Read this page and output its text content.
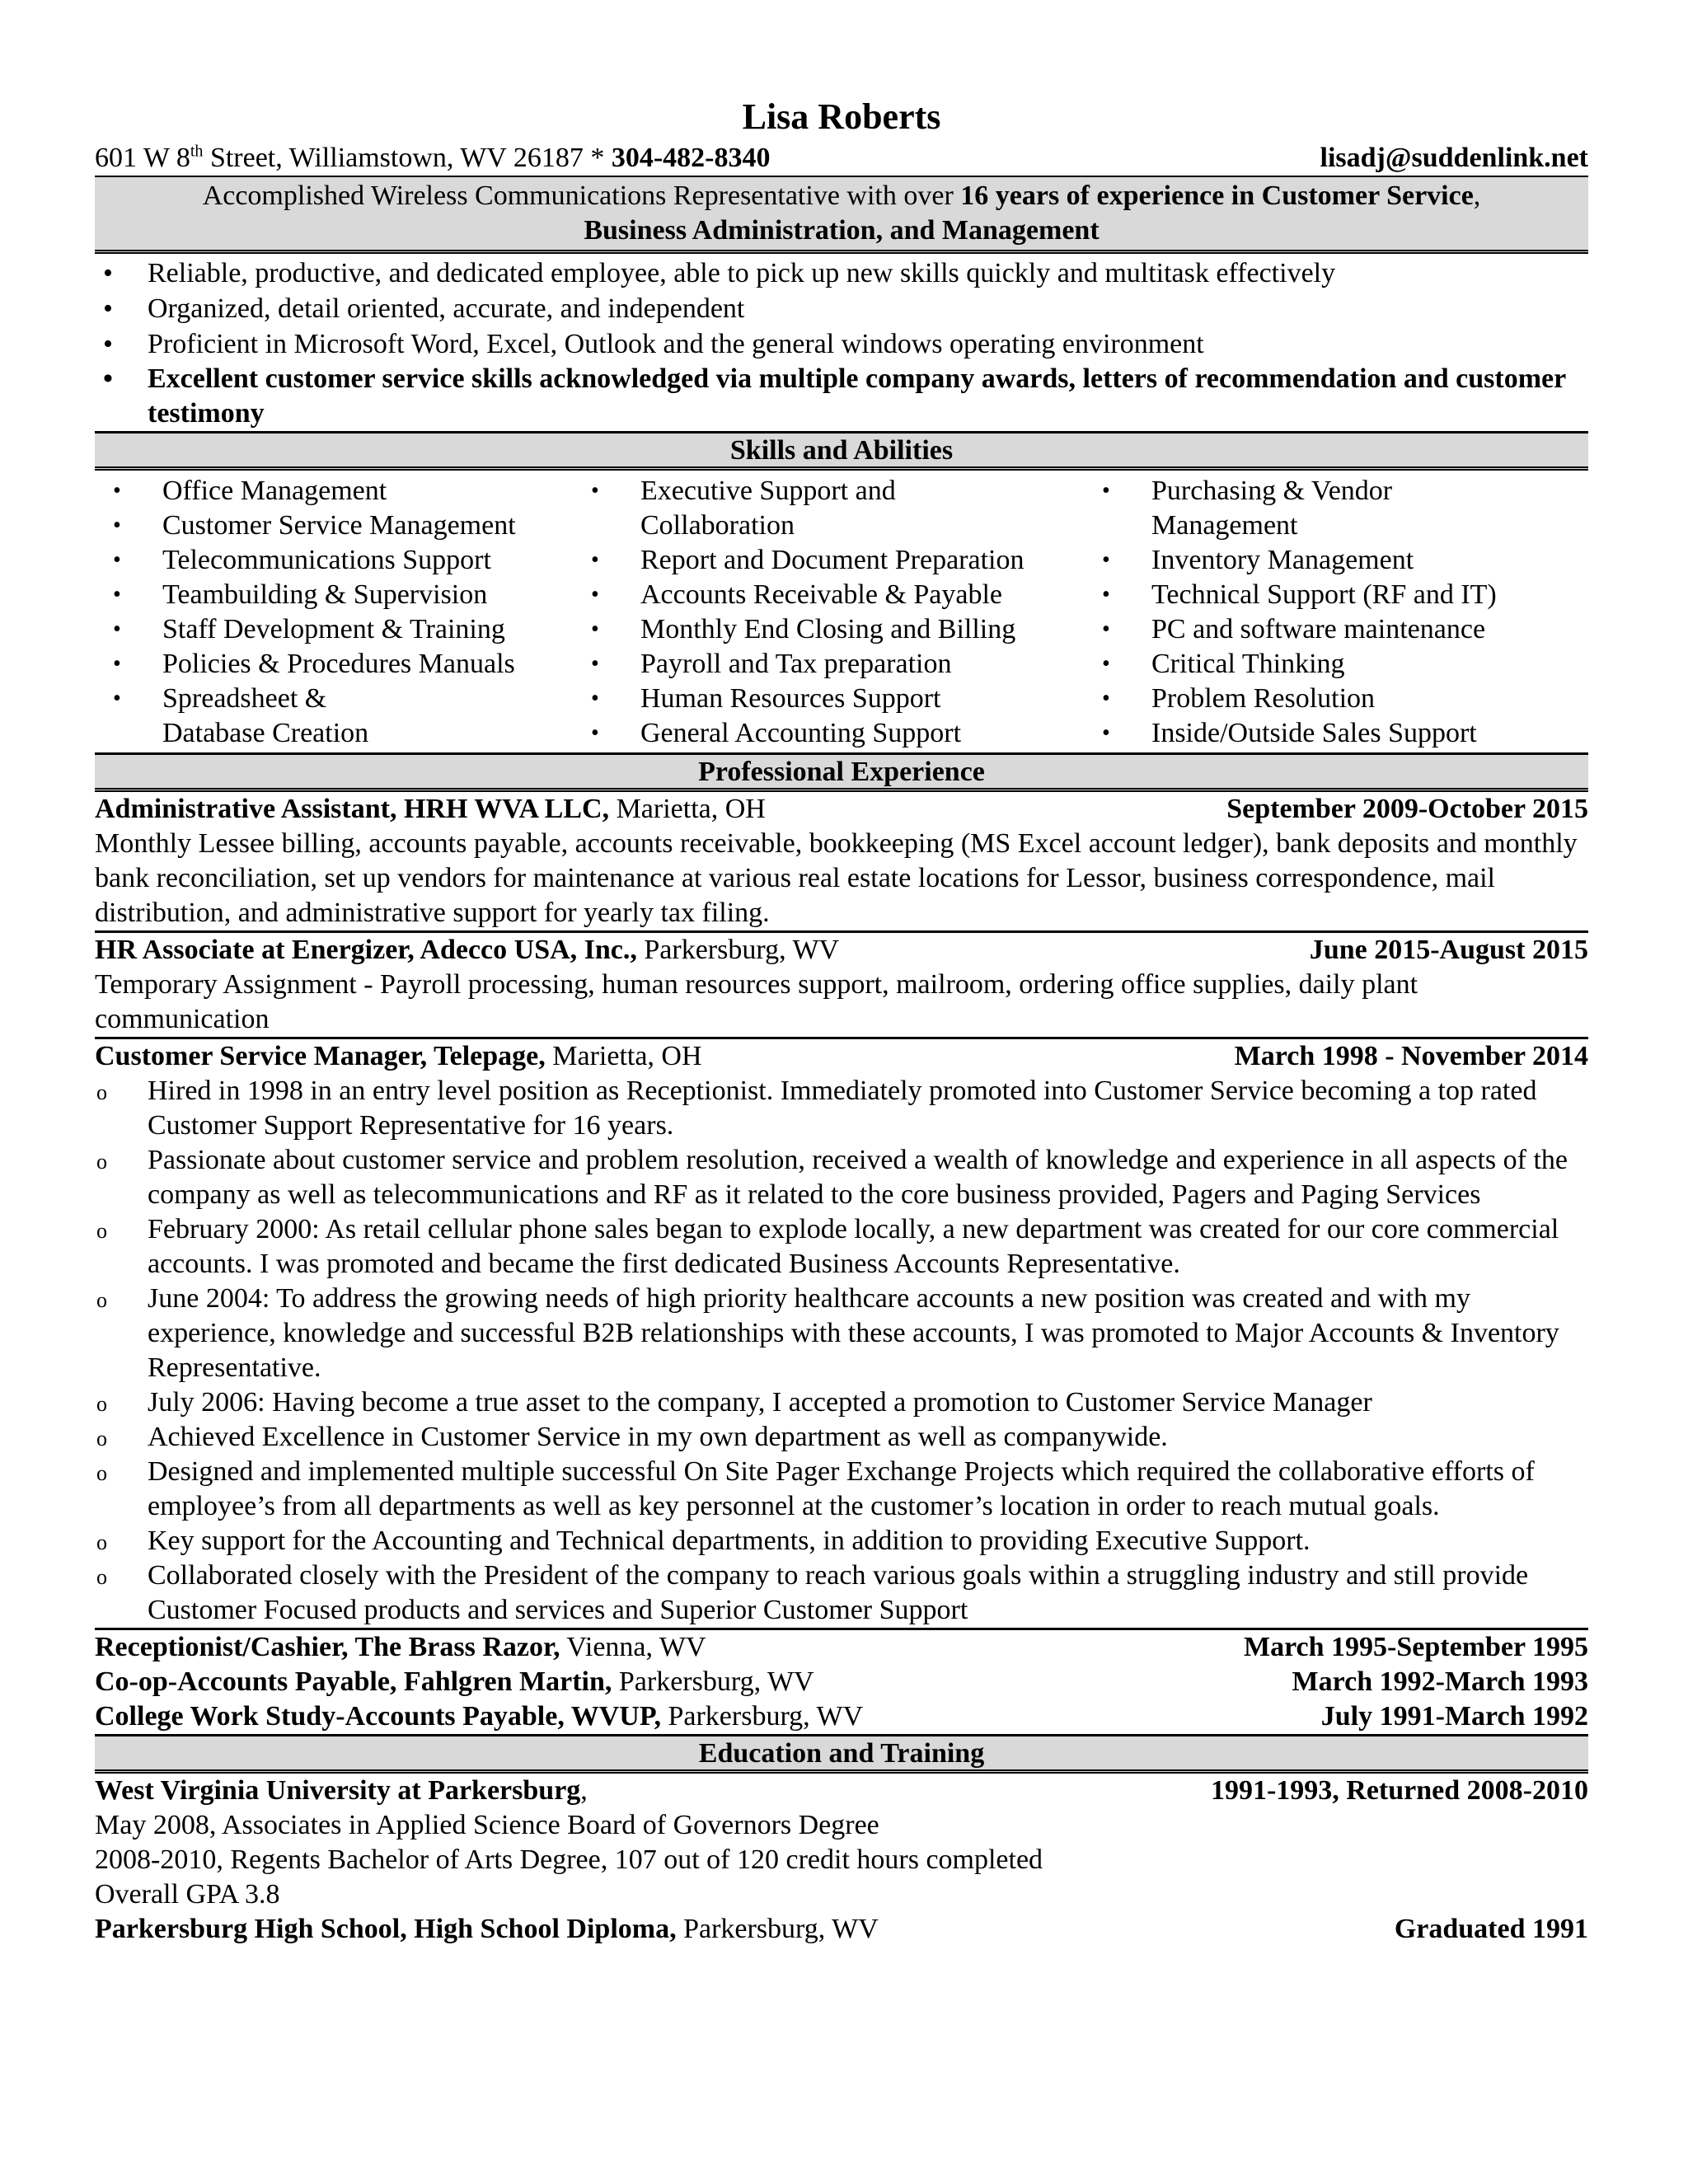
Lisa Roberts
601 W 8th Street, Williamstown, WV 26187 * 304-482-8340	lisadj@suddenlink.net
Accomplished Wireless Communications Representative with over 16 years of experience in Customer Service,
Business Administration, and Management
• Reliable, productive, and dedicated employee, able to pick up new skills quickly and multitask effectively
• Organized, detail oriented, accurate, and independent
• Proficient in Microsoft Word, Excel, Outlook and the general windows operating environment
• Excellent customer service skills acknowledged via multiple company awards, letters of recommendation and customer testimony
Skills and Abilities
• Office Management
• Customer Service Management
• Telecommunications Support
• Teambuilding & Supervision
• Staff Development & Training
• Policies & Procedures Manuals
• Spreadsheet & Database Creation
• Executive Support and Collaboration
• Report and Document Preparation
• Accounts Receivable & Payable
• Monthly End Closing and Billing
• Payroll and Tax preparation
• Human Resources Support
• General Accounting Support
• Purchasing & Vendor Management
• Inventory Management
• Technical Support (RF and IT)
• PC and software maintenance
• Critical Thinking
• Problem Resolution
• Inside/Outside Sales Support
Professional Experience
Administrative Assistant, HRH WVA LLC, Marietta, OH	September 2009-October 2015
Monthly Lessee billing, accounts payable, accounts receivable, bookkeeping (MS Excel account ledger), bank deposits and monthly bank reconciliation, set up vendors for maintenance at various real estate locations for Lessor, business correspondence, mail distribution, and administrative support for yearly tax filing.
HR Associate at Energizer, Adecco USA, Inc., Parkersburg, WV	June 2015-August 2015
Temporary Assignment - Payroll processing, human resources support, mailroom, ordering office supplies, daily plant communication
Customer Service Manager, Telepage, Marietta, OH	March 1998 - November 2014
o Hired in 1998 in an entry level position as Receptionist. Immediately promoted into Customer Service becoming a top rated Customer Support Representative for 16 years.
o Passionate about customer service and problem resolution, received a wealth of knowledge and experience in all aspects of the company as well as telecommunications and RF as it related to the core business provided, Pagers and Paging Services
o February 2000: As retail cellular phone sales began to explode locally, a new department was created for our core commercial accounts. I was promoted and became the first dedicated Business Accounts Representative.
o June 2004: To address the growing needs of high priority healthcare accounts a new position was created and with my experience, knowledge and successful B2B relationships with these accounts, I was promoted to Major Accounts & Inventory Representative.
o July 2006: Having become a true asset to the company, I accepted a promotion to Customer Service Manager
o Achieved Excellence in Customer Service in my own department as well as companywide.
o Designed and implemented multiple successful On Site Pager Exchange Projects which required the collaborative efforts of employee’s from all departments as well as key personnel at the customer’s location in order to reach mutual goals.
o Key support for the Accounting and Technical departments, in addition to providing Executive Support.
o Collaborated closely with the President of the company to reach various goals within a struggling industry and still provide Customer Focused products and services and Superior Customer Support
Receptionist/Cashier, The Brass Razor, Vienna, WV	March 1995-September 1995
Co-op-Accounts Payable, Fahlgren Martin, Parkersburg, WV	March 1992-March 1993
College Work Study-Accounts Payable, WVUP, Parkersburg, WV	July 1991-March 1992
Education and Training
West Virginia University at Parkersburg,	1991-1993, Returned 2008-2010
May 2008, Associates in Applied Science Board of Governors Degree
2008-2010, Regents Bachelor of Arts Degree, 107 out of 120 credit hours completed
Overall GPA 3.8
Parkersburg High School, High School Diploma, Parkersburg, WV	Graduated 1991
